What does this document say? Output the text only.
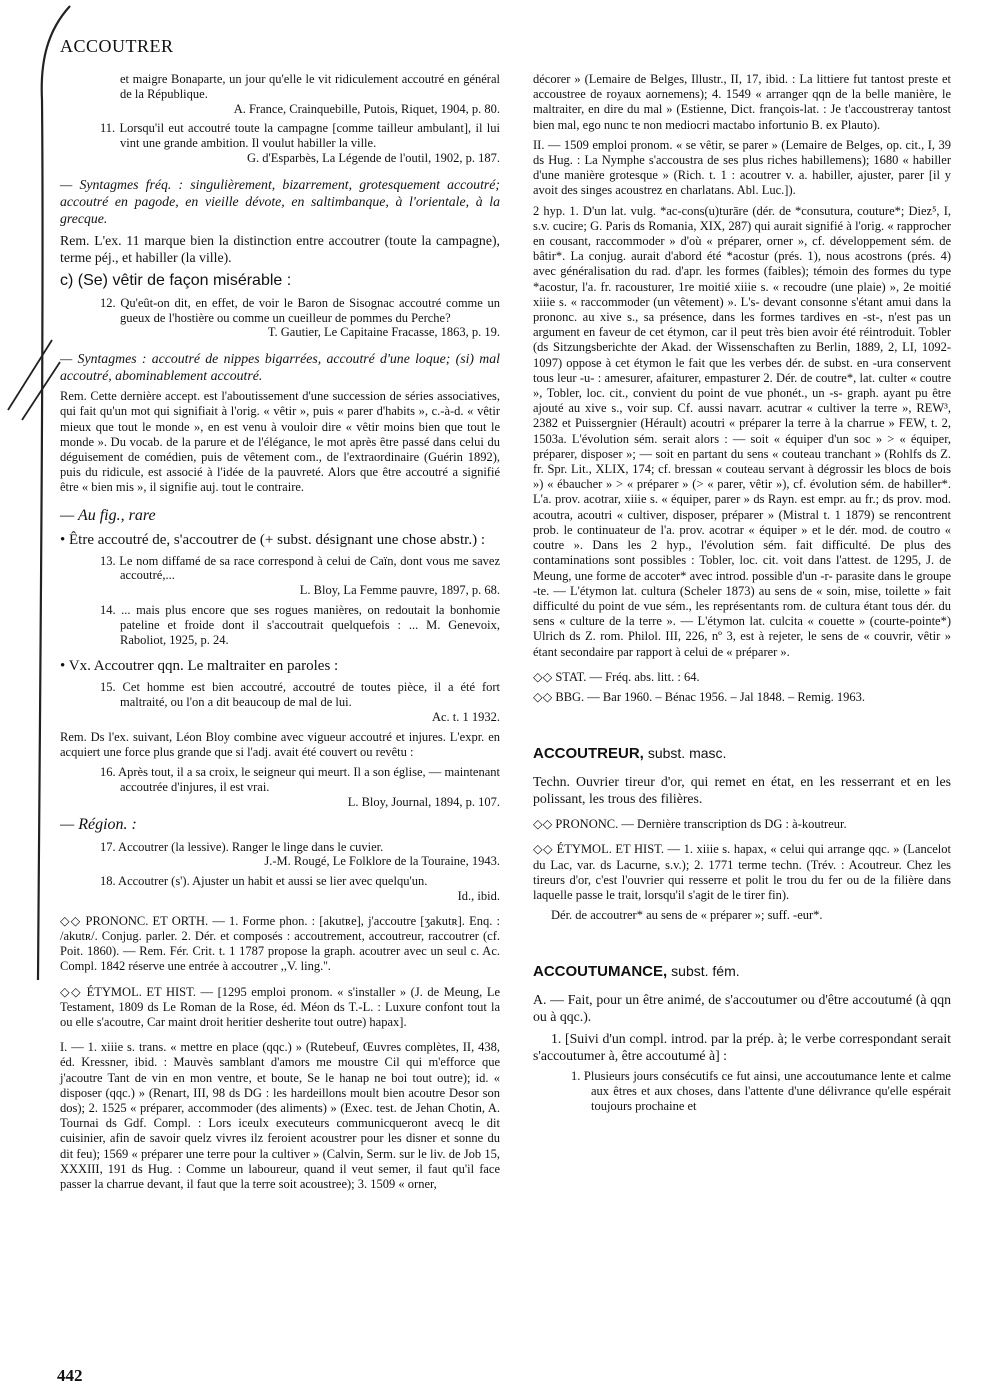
ACCOUTRER

et maigre Bonaparte, un jour qu'elle le vit ridiculement accoutré en général de la République.

A. France, Crainquebille, Putois, Riquet, 1904, p. 80.

11. Lorsqu'il eut accoutré toute la campagne [comme tailleur ambulant], il lui vint une grande ambition. Il voulut habiller la ville.

G. d'Esparbès, La Légende de l'outil, 1902, p. 187.

— Syntagmes fréq. : singulièrement, bizarrement, grotesquement accoutré; accoutré en pagode, en vieille dévote, en saltimbanque, à l'orientale, à la grecque.

Rem. L'ex. 11 marque bien la distinction entre accoutrer (toute la campagne), terme péj., et habiller (la ville).

c) (Se) vêtir de façon misérable :

12. Qu'eût-on dit, en effet, de voir le Baron de Sisognac accoutré comme un gueux de l'hostière ou comme un cueilleur de pommes du Perche?

T. Gautier, Le Capitaine Fracasse, 1863, p. 19.

— Syntagmes : accoutré de nippes bigarrées, accoutré d'une loque; (si) mal accoutré, abominablement accoutré.

Rem. Cette dernière accept. est l'aboutissement d'une succession de séries associatives, qui fait qu'un mot qui signifiait à l'orig. « vêtir », puis « parer d'habits », c.-à-d. « vêtir mieux que tout le monde », en est venu à vouloir dire « vêtir moins bien que tout le monde ». Du vocab. de la parure et de l'élégance, le mot après être passé dans celui du déguisement de comédien, puis de vêtement com., de l'extraordinaire (Guérin 1892), puis du ridicule, est associé à l'idée de la pauvreté. Alors que être accoutré a signifié être « bien mis », il signifie auj. tout le contraire.

— Au fig., rare

• Être accoutré de, s'accoutrer de (+ subst. désignant une chose abstr.) :

13. Le nom diffamé de sa race correspond à celui de Caïn, dont vous me savez accoutré,...

L. Bloy, La Femme pauvre, 1897, p. 68.

14. ... mais plus encore que ses rogues manières, on redoutait la bonhomie pateline et froide dont il s'accoutrait quelquefois : ... M. Genevoix, Raboliot, 1925, p. 24.

• Vx. Accoutrer qqn. Le maltraiter en paroles :

15. Cet homme est bien accoutré, accoutré de toutes pièce, il a été fort maltraité, ou l'on a dit beaucoup de mal de lui.

Ac. t. 1 1932.

Rem. Ds l'ex. suivant, Léon Bloy combine avec vigueur accoutré et injures. L'expr. en acquiert une force plus grande que si l'adj. avait été couvert ou revêtu :

16. Après tout, il a sa croix, le seigneur qui meurt. Il a son église, — maintenant accoutrée d'injures, il est vrai.

L. Bloy, Journal, 1894, p. 107.

— Région. :

17. Accoutrer (la lessive). Ranger le linge dans le cuvier.

J.-M. Rougé, Le Folklore de la Touraine, 1943.

18. Accoutrer (s'). Ajuster un habit et aussi se lier avec quelqu'un.

Id., ibid.

◇◇ PRONONC. ET ORTH. — 1. Forme phon. : [akutʀe], j'accoutre [ʒakutʀ]. Enq. : /akutʀ/. Conjug. parler. 2. Dér. et composés : accoutrement, accoutreur, raccoutrer (cf. Poit. 1860). — Rem. Fér. Crit. t. 1 1787 propose la graph. acoutrer avec un seul c. Ac. Compl. 1842 réserve une entrée à accoutrer ,,V. ling.''.

◇◇ ÉTYMOL. ET HIST. — [1295 emploi pronom. « s'installer » (J. de Meung, Le Testament, 1809 ds Le Roman de la Rose, éd. Méon ds T.-L. : Luxure confont tout la ou elle s'acoutre, Car maint droit heritier desherite tout outre) hapax].

I. — 1. xiiie s. trans. « mettre en place (qqc.) » (Rutebeuf, Œuvres complètes, II, 438, éd. Kressner, ibid. : Mauvès samblant d'amors me moustre Cil qui m'efforce que j'acoutre Tant de vin en mon ventre, et boute, Se le hanap ne boi tout outre); id. « disposer (qqc.) » (Renart, III, 98 ds DG : les hardeillons moult bien acoutre Desor son dos); 2. 1525 « préparer, accommoder (des aliments) » (Exec. test. de Jehan Chotin, A. Tournai ds Gdf. Compl. : Lors iceulx executeurs communicqueront avecq le dit cuisinier, afin de savoir quelz vivres ilz feroient acoustrer pour les disner et sonne du dit feu); 1569 « préparer une terre pour la cultiver » (Calvin, Serm. sur le liv. de Job 15, XXXIII, 191 ds Hug. : Comme un laboureur, quand il veut semer, il faut qu'il face passer la charrue devant, il faut que la terre soit acoustree); 3. 1509 « orner,

décorer » (Lemaire de Belges, Illustr., II, 17, ibid. : La littiere fut tantost preste et accoustree de royaux aornemens); 4. 1549 « arranger qqn de la belle manière, le maltraiter, en dire du mal » (Estienne, Dict. françois-lat. : Je t'accoustreray tantost bien mal, ego nunc te non mediocri mactabo infortunio B. ex Plauto).

II. — 1509 emploi pronom. « se vêtir, se parer » (Lemaire de Belges, op. cit., I, 39 ds Hug. : La Nymphe s'accoustra de ses plus riches habillemens); 1680 « habiller d'une manière grotesque » (Rich. t. 1 : acoutrer v. a. habiller, ajuster, parer [il y avoit des singes acoustrez en charlatans. Abl. Luc.]).

2 hyp. 1. D'un lat. vulg. *ac-cons(u)turāre (dér. de *consutura, couture*; Diez⁵, I, s.v. cucire; G. Paris ds Romania, XIX, 287) qui aurait signifié à l'orig. « rapprocher en cousant, raccommoder » d'où « préparer, orner », cf. développement sém. de bâtir*. La conjug. aurait d'abord été *acostur (prés. 1), nous acostrons (prés. 4) avec généralisation du rad. d'apr. les formes (faibles); témoin des formes du type *acostur, l'a. fr. racousturer, 1re moitié xiiie s. « recoudre (une plaie) », 2e moitié xiiie s. « raccommoder (un vêtement) ». L's- devant consonne s'étant amui dans la prononc. au xive s., sa présence, dans les formes tardives en -st-, n'est pas un argument en faveur de cet étymon, car il peut très bien avoir été réintroduit. Tobler (ds Sitzungsberichte der Akad. der Wissenschaften zu Berlin, 1889, 2, LI, 1092-1097) oppose à cet étymon le fait que les verbes dér. de subst. en -ura conservent tous leur -u- : amesurer, afaiturer, empasturer 2. Dér. de coutre*, lat. culter « coutre », Tobler, loc. cit., convient du point de vue phonét., un -s- graph. ayant pu être ajouté au xive s., voir sup. Cf. aussi navarr. acutrar « cultiver la terre », REW³, 2382 et Puissergnier (Hérault) acoutri « préparer la terre à la charrue » FEW, t. 2, 1503a. L'évolution sém. serait alors : — soit « équiper d'un soc » > « équiper, préparer, disposer »; — soit en partant du sens « couteau tranchant » (Rohlfs ds Z. fr. Spr. Lit., XLIX, 174; cf. bressan « couteau servant à dégrossir les blocs de bois ») « ébaucher » > « préparer » (> « parer, vêtir »), cf. évolution sém. de habiller*. L'a. prov. acotrar, xiiie s. « équiper, parer » ds Rayn. est empr. au fr.; ds prov. mod. acoutra, acoutri « cultiver, disposer, préparer » (Mistral t. 1 1879) se rencontrent prob. le continuateur de l'a. prov. acotrar « équiper » et le dér. mod. de coutro « coutre ». Dans les 2 hyp., l'évolution sém. fait difficulté. De plus des contaminations sont possibles : Tobler, loc. cit. voit dans l'attest. de 1295, J. de Meung, une forme de accoter* avec introd. possible d'un -r- parasite dans le groupe -te. — L'étymon lat. cultura (Scheler 1873) au sens de « soin, mise, toilette » fait difficulté du point de vue sém., les représentants rom. de cultura étant tous dér. du sens « culture de la terre ». — L'étymon lat. culcita « couette » (courte-pointe*) Ulrich ds Z. rom. Philol. III, 226, nº 3, est à rejeter, le sens de « couvrir, vêtir » étant secondaire par rapport à celui de « préparer ».

◇◇ STAT. — Fréq. abs. litt. : 64.

◇◇ BBG. — Bar 1960. – Bénac 1956. – Jal 1848. – Remig. 1963.

ACCOUTREUR, subst. masc.

Techn. Ouvrier tireur d'or, qui remet en état, en les resserrant et en les polissant, les trous des filières.

◇◇ PRONONC. — Dernière transcription ds DG : à-koutreur.

◇◇ ÉTYMOL. ET HIST. — 1. xiiie s. hapax, « celui qui arrange qqc. » (Lancelot du Lac, var. ds Lacurne, s.v.); 2. 1771 terme techn. (Trév. : Acoutreur. Chez les tireurs d'or, c'est l'ouvrier qui resserre et polit le trou du fer ou de la filière dans laquelle passe le trait, lorsqu'il s'agit de le tirer fin).

Dér. de accoutrer* au sens de « préparer »; suff. -eur*.

ACCOUTUMANCE, subst. fém.

A. — Fait, pour un être animé, de s'accoutumer ou d'être accoutumé (à qqn ou à qqc.).

1. [Suivi d'un compl. introd. par la prép. à; le verbe correspondant serait s'accoutumer à, être accoutumé à] :

1. Plusieurs jours consécutifs ce fut ainsi, une accoutumance lente et calme aux êtres et aux choses, dans l'attente d'une délivrance qu'elle espérait toujours prochaine et

442
